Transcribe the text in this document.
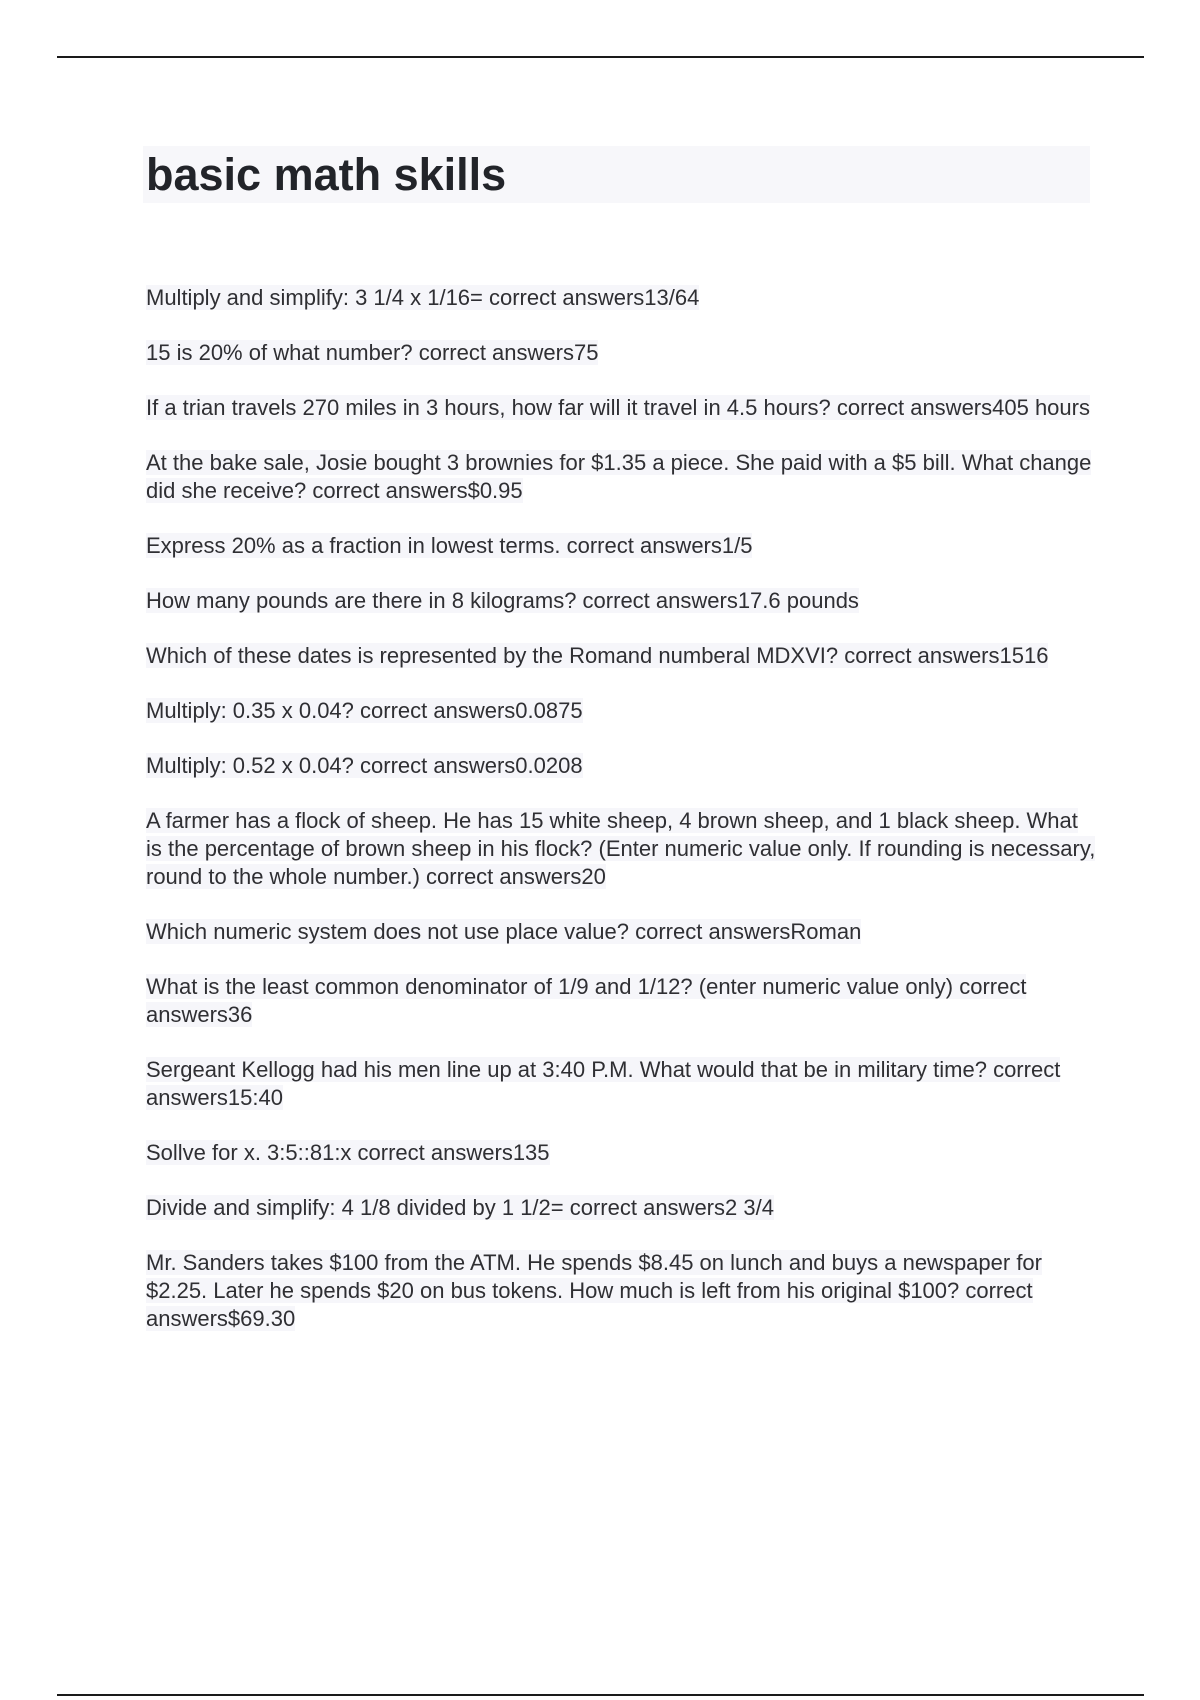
basic math skills
Multiply and simplify: 3 1/4 x 1/16= correct answers13/64
15 is 20% of what number? correct answers75
If a trian travels 270 miles in 3 hours, how far will it travel in 4.5 hours? correct answers405 hours
At the bake sale, Josie bought 3 brownies for $1.35 a piece. She paid with a $5 bill. What change did she receive? correct answers$0.95
Express 20% as a fraction in lowest terms. correct answers1/5
How many pounds are there in 8 kilograms? correct answers17.6 pounds
Which of these dates is represented by the Romand numberal MDXVI? correct answers1516
Multiply: 0.35 x 0.04? correct answers0.0875
Multiply: 0.52 x 0.04? correct answers0.0208
A farmer has a flock of sheep. He has 15 white sheep, 4 brown sheep, and 1 black sheep. What is the percentage of brown sheep in his flock? (Enter numeric value only. If rounding is necessary, round to the whole number.) correct answers20
Which numeric system does not use place value? correct answersRoman
What is the least common denominator of 1/9 and 1/12? (enter numeric value only) correct answers36
Sergeant Kellogg had his men line up at 3:40 P.M. What would that be in military time? correct answers15:40
Sollve for x. 3:5::81:x correct answers135
Divide and simplify: 4 1/8 divided by 1 1/2= correct answers2 3/4
Mr. Sanders takes $100 from the ATM. He spends $8.45 on lunch and buys a newspaper for $2.25. Later he spends $20 on bus tokens. How much is left from his original $100? correct answers$69.30
